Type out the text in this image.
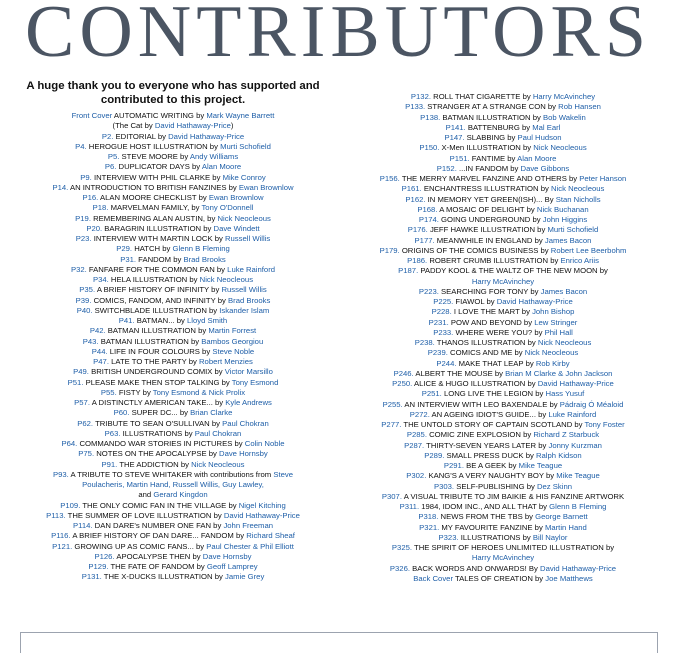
CONTRIBUTORS
A huge thank you to everyone who has supported and contributed to this project.
Front Cover AUTOMATIC WRITING by Mark Wayne Barrett
(The Cat by David Hathaway-Price)
P2. EDITORIAL by David Hathaway-Price
P4. HEROGUE HOST ILLUSTRATION by Murti Schofield
P5. STEVE MOORE by Andy Williams
P6. DUPLICATOR DAYS by Alan Moore
P9. INTERVIEW WITH PHIL CLARKE by Mike Conroy
P14. AN INTRODUCTION TO BRITISH FANZINES by Ewan Brownlow
P16. ALAN MOORE CHECKLIST by Ewan Brownlow
P18. MARVELMAN FAMILY, by Tony O'Donnell
P19. REMEMBERING ALAN AUSTIN, by Nick Neocleous
P20. BARAGRIN ILLUSTRATION by Dave Windett
P23. INTERVIEW WITH MARTIN LOCK by Russell Willis
P29. HATCH by Glenn B Fleming
P31. FANDOM by Brad Brooks
P32. FANFARE FOR THE COMMON FAN by Luke Rainford
P34. HELA ILLUSTRATION by Nick Neocleous
P35. A BRIEF HISTORY OF INFINITY by Russell Willis
P39. COMICS, FANDOM, AND INFINITY by Brad Brooks
P40. SWITCHBLADE ILLUSTRATION by Iskander Islam
P41. BATMAN... by Lloyd Smith
P42. BATMAN ILLUSTRATION by Martin Forrest
P43. BATMAN ILLUSTRATION by Bambos Georgiou
P44. LIFE IN FOUR COLOURS by Steve Noble
P47. LATE TO THE PARTY by Robert Menzies
P49. BRITISH UNDERGROUND COMIX by Victor Marsillo
P51. PLEASE MAKE THEN STOP TALKING by Tony Esmond
P55. FISTY by Tony Esmond & Nick Prolix
P57. A DISTINCTLY AMERICAN TAKE... by Kyle Andrews
P60. SUPER DC... by Brian Clarke
P62. TRIBUTE TO SEAN O'SULLIVAN by Paul Chokran
P63. ILLUSTRATIONS by Paul Chokran
P64. COMMANDO WAR STORIES IN PICTURES by Colin Noble
P75. NOTES ON THE APOCALYPSE by Dave Hornsby
P91. THE ADDICTION by Nick Neocleous
P93. A TRIBUTE TO STEVE WHITAKER with contributions from Steve
Poulacheris, Martin Hand, Russell Willis, Guy Lawley,
and Gerard Kingdon
P109. THE ONLY COMIC FAN IN THE VILLAGE by Nigel Kitching
P113. THE SUMMER OF LOVE ILLUSTRATION by David Hathaway-Price
P114. DAN DARE's NUMBER ONE FAN by John Freeman
P116. A BRIEF HISTORY OF DAN DARE... FANDOM by Richard Sheaf
P121. GROWING UP AS COMIC FANS... by Paul Chester & Phil Elliott
P126. APOCALYPSE THEN by Dave Hornsby
P129. THE FATE OF FANDOM by Geoff Lamprey
P131. THE X-DUCKS ILLUSTRATION by Jamie Grey
P132. ROLL THAT CIGARETTE by Harry McAvinchey
P133. STRANGER AT A STRANGE CON by Rob Hansen
P138. BATMAN ILLUSTRATION by Bob Wakelin
P141. BATTENBURG by Mal Earl
P147. SLABBING by Paul Hudson
P150. X-Men ILLUSTRATION by Nick Neocleous
P151. FANTIME by Alan Moore
P152. ...IN FANDOM by Dave Gibbons
P156. THE MERRY MARVEL FANZINE AND OTHERS by Peter Hanson
P161. ENCHANTRESS ILLUSTRATION by Nick Neocleous
P162. IN MEMORY YET GREEN(ISH)... By Stan Nicholls
P168. A MOSAIC OF DELIGHT by Nick Buchanan
P174. GOING UNDERGROUND by John Higgins
P176. JEFF HAWKE ILLUSTRATION by Murti Schofield
P177. MEANWHILE IN ENGLAND by James Bacon
P179. ORIGINS OF THE COMICS BUSINESS by Robert Lee Beerbohm
P186. ROBERT CRUMB ILLUSTRATION by Enrico Ariis
P187. PADDY KOOL & THE WALTZ OF THE NEW MOON by
Harry McAvinchey
P223. SEARCHING FOR TONY by James Bacon
P225. FIAWOL by David Hathaway-Price
P228. I LOVE THE MART by John Bishop
P231. POW AND BEYOND by Lew Stringer
P233. WHERE WERE YOU? by Phil Hall
P238. THANOS ILLUSTRATION by Nick Neocleous
P239. COMICS AND ME by Nick Neocleous
P244. MAKE THAT LEAP by Rob Kirby
P246. ALBERT THE MOUSE by Brian M Clarke & John Jackson
P250. ALICE & HUGO ILLUSTRATION by David Hathaway-Price
P251. LONG LIVE THE LEGION by Hass Yusuf
P255. AN INTERVIEW WITH LEO BAXENDALE by Pádraig Ó Méaloid
P272. AN AGEING IDIOT'S GUIDE... by Luke Rainford
P277. THE UNTOLD STORY OF CAPTAIN SCOTLAND by Tony Foster
P285. COMIC ZINE EXPLOSION by Richard Z Starbuck
P287. THIRTY-SEVEN YEARS LATER by Jonny Kurzman
P289. SMALL PRESS DUCK by Ralph Kidson
P291. BE A GEEK by Mike Teague
P302. KANG'S A VERY NAUGHTY BOY by Mike Teague
P303. SELF-PUBLISHING by Dez Skinn
P307. A VISUAL TRIBUTE TO JIM BAIKIE & HIS FANZINE ARTWORK
P311. 1984, IDOM INC., AND ALL THAT by Glenn B Fleming
P318. NEWS FROM THE TBS by George Barnett
P321. MY FAVOURITE FANZINE by Martin Hand
P323. ILLUSTRATIONS by Bill Naylor
P325. THE SPIRIT OF HEROES UNLIMITED ILLUSTRATION by
Harry McAvinchey
P326. BACK WORDS AND ONWARDS! By David Hathaway-Price
Back Cover TALES OF CREATION by Joe Matthews
